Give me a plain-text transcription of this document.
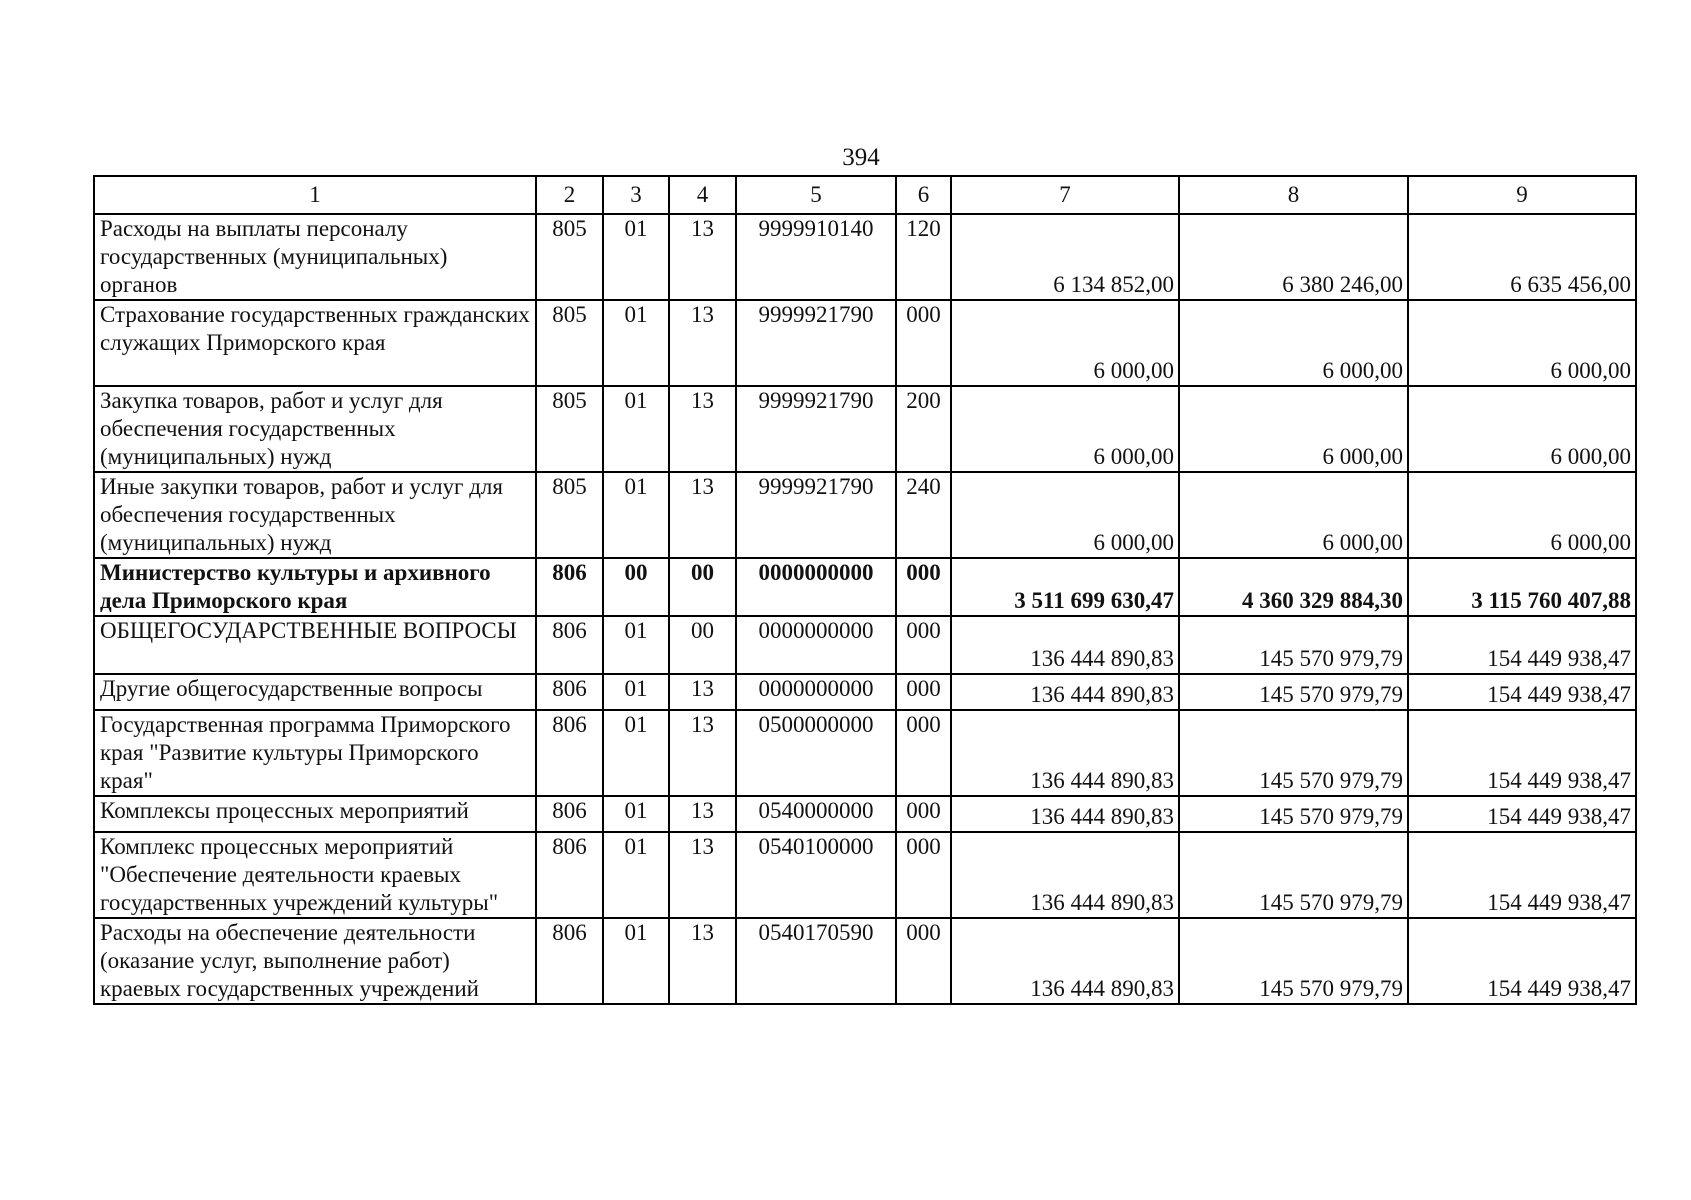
394
1	2	3	4	5	6	7	8	9
Расходы на выплаты персоналу государственных (муниципальных) органов	805	01	13	9999910140	120	6 134 852,00	6 380 246,00	6 635 456,00
Страхование государственных гражданских служащих Приморского края	805	01	13	9999921790	000	6 000,00	6 000,00	6 000,00
Закупка товаров, работ и услуг для обеспечения государственных (муниципальных) нужд	805	01	13	9999921790	200	6 000,00	6 000,00	6 000,00
Иные закупки товаров, работ и услуг для обеспечения государственных (муниципальных) нужд	805	01	13	9999921790	240	6 000,00	6 000,00	6 000,00
Министерство культуры и архивного дела Приморского края	806	00	00	0000000000	000	3 511 699 630,47	4 360 329 884,30	3 115 760 407,88
ОБЩЕГОСУДАРСТВЕННЫЕ ВОПРОСЫ	806	01	00	0000000000	000	136 444 890,83	145 570 979,79	154 449 938,47
Другие общегосударственные вопросы	806	01	13	0000000000	000	136 444 890,83	145 570 979,79	154 449 938,47
Государственная программа Приморского края "Развитие культуры Приморского края"	806	01	13	0500000000	000	136 444 890,83	145 570 979,79	154 449 938,47
Комплексы процессных мероприятий	806	01	13	0540000000	000	136 444 890,83	145 570 979,79	154 449 938,47
Комплекс процессных мероприятий "Обеспечение деятельности краевых государственных учреждений культуры"	806	01	13	0540100000	000	136 444 890,83	145 570 979,79	154 449 938,47
Расходы на обеспечение деятельности (оказание услуг, выполнение работ) краевых государственных учреждений	806	01	13	0540170590	000	136 444 890,83	145 570 979,79	154 449 938,47
